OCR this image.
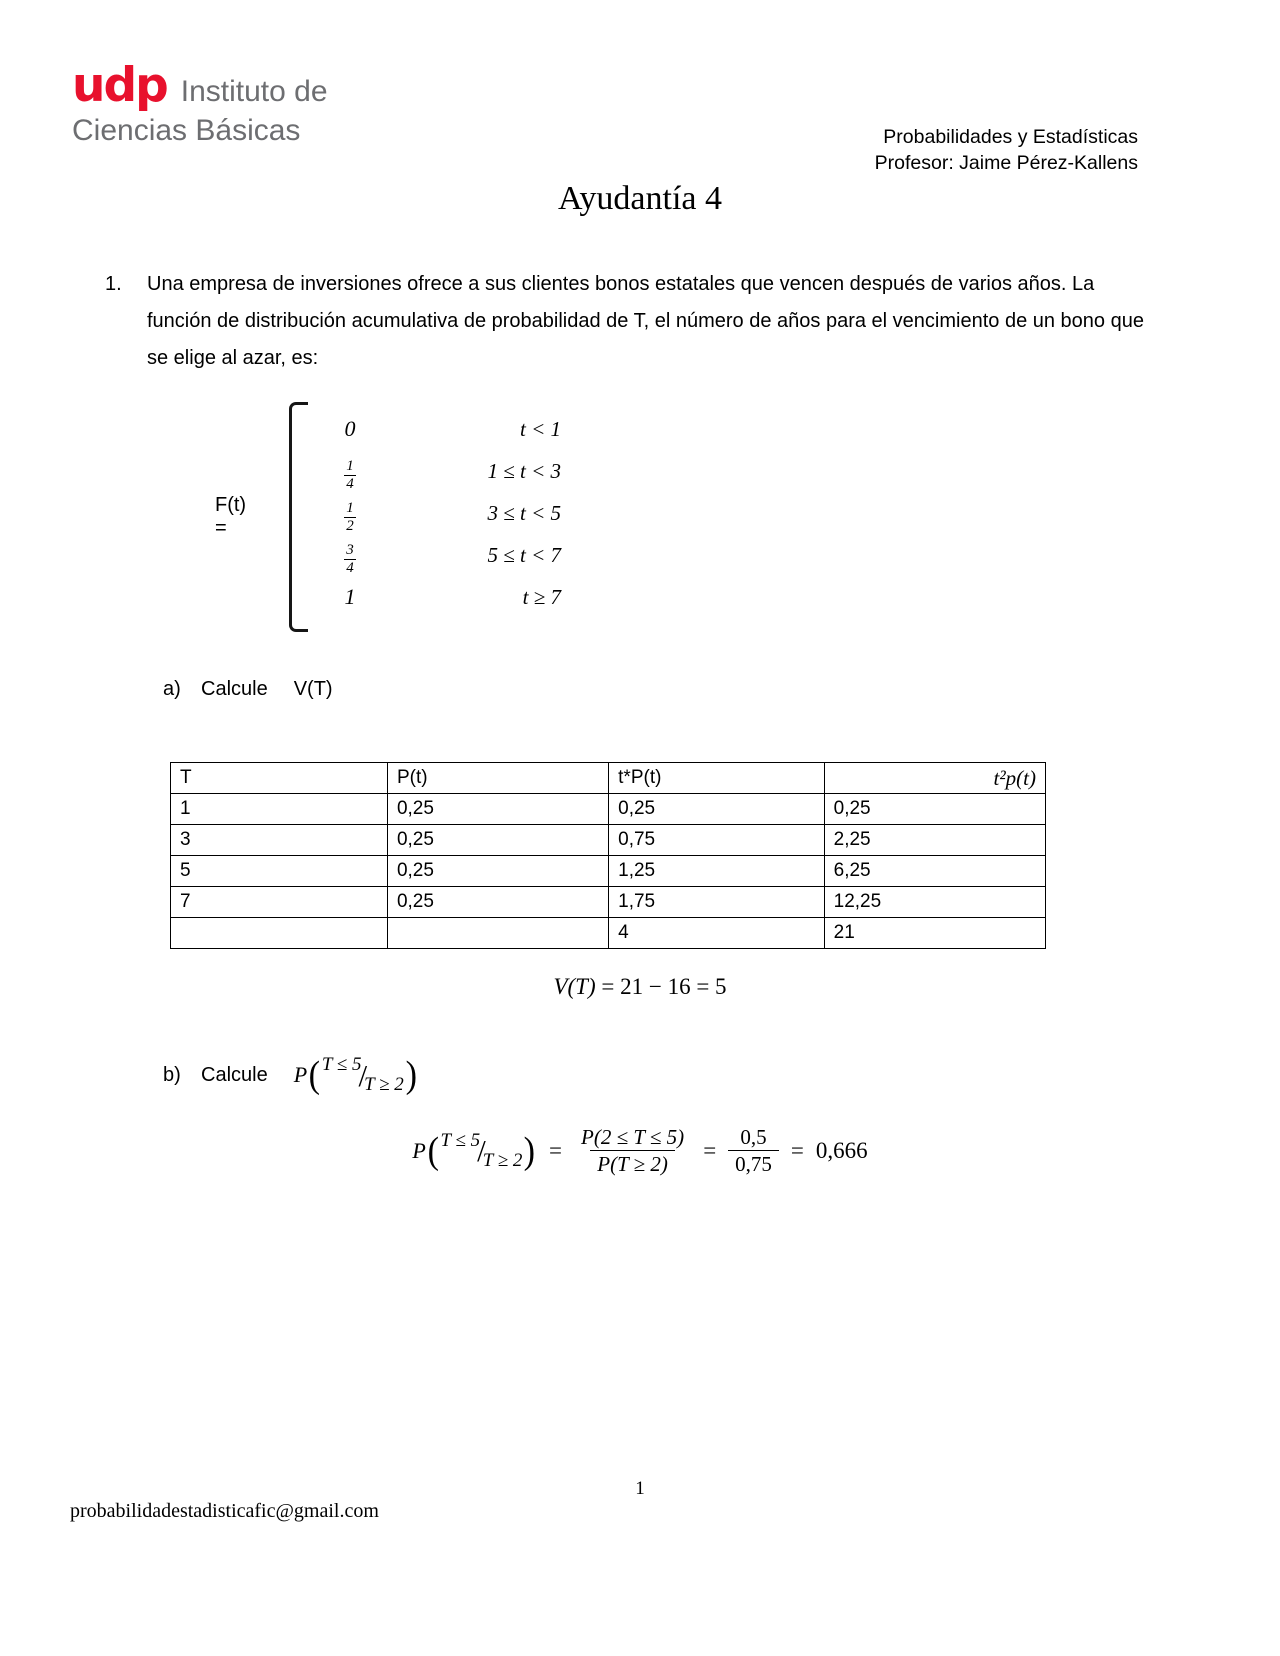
udp Instituto de
Ciencias Básicas	Probabilidades y Estadísticas
Profesor: Jaime Pérez-Kallens
Ayudantía 4
1.	Una empresa de inversiones ofrece a sus clientes bonos estatales que vencen después de varios años. La función de distribución acumulativa de probabilidad de T, el número de años para el vencimiento de un bono que se elige al azar, es:
F(t) =
0	t < 1
$\frac{1}{4}$	1 ≤ t < 3
$\frac{1}{2}$	3 ≤ t < 5
$\frac{3}{4}$	5 ≤ t < 7
1	t ≥ 7
a)	Calcule V(T)
T	P(t)	t*P(t)	t²p(t)
1	0,25	0,25	0,25
3	0,25	0,75	2,25
5	0,25	1,25	6,25
7	0,25	1,75	12,25
		4	21
V(T) = 21 − 16 = 5
b)	Calcule P ( T ≤ 5
/
T ≥ 2 )
P ( T ≤ 5
/
T ≥ 2 ) = $\frac{P(2 \le T \le 5)}{P(T \ge 2)} = \frac{0,5}{0,75} = 0,666$
1
probabilidadestadisticafic@gmail.com
